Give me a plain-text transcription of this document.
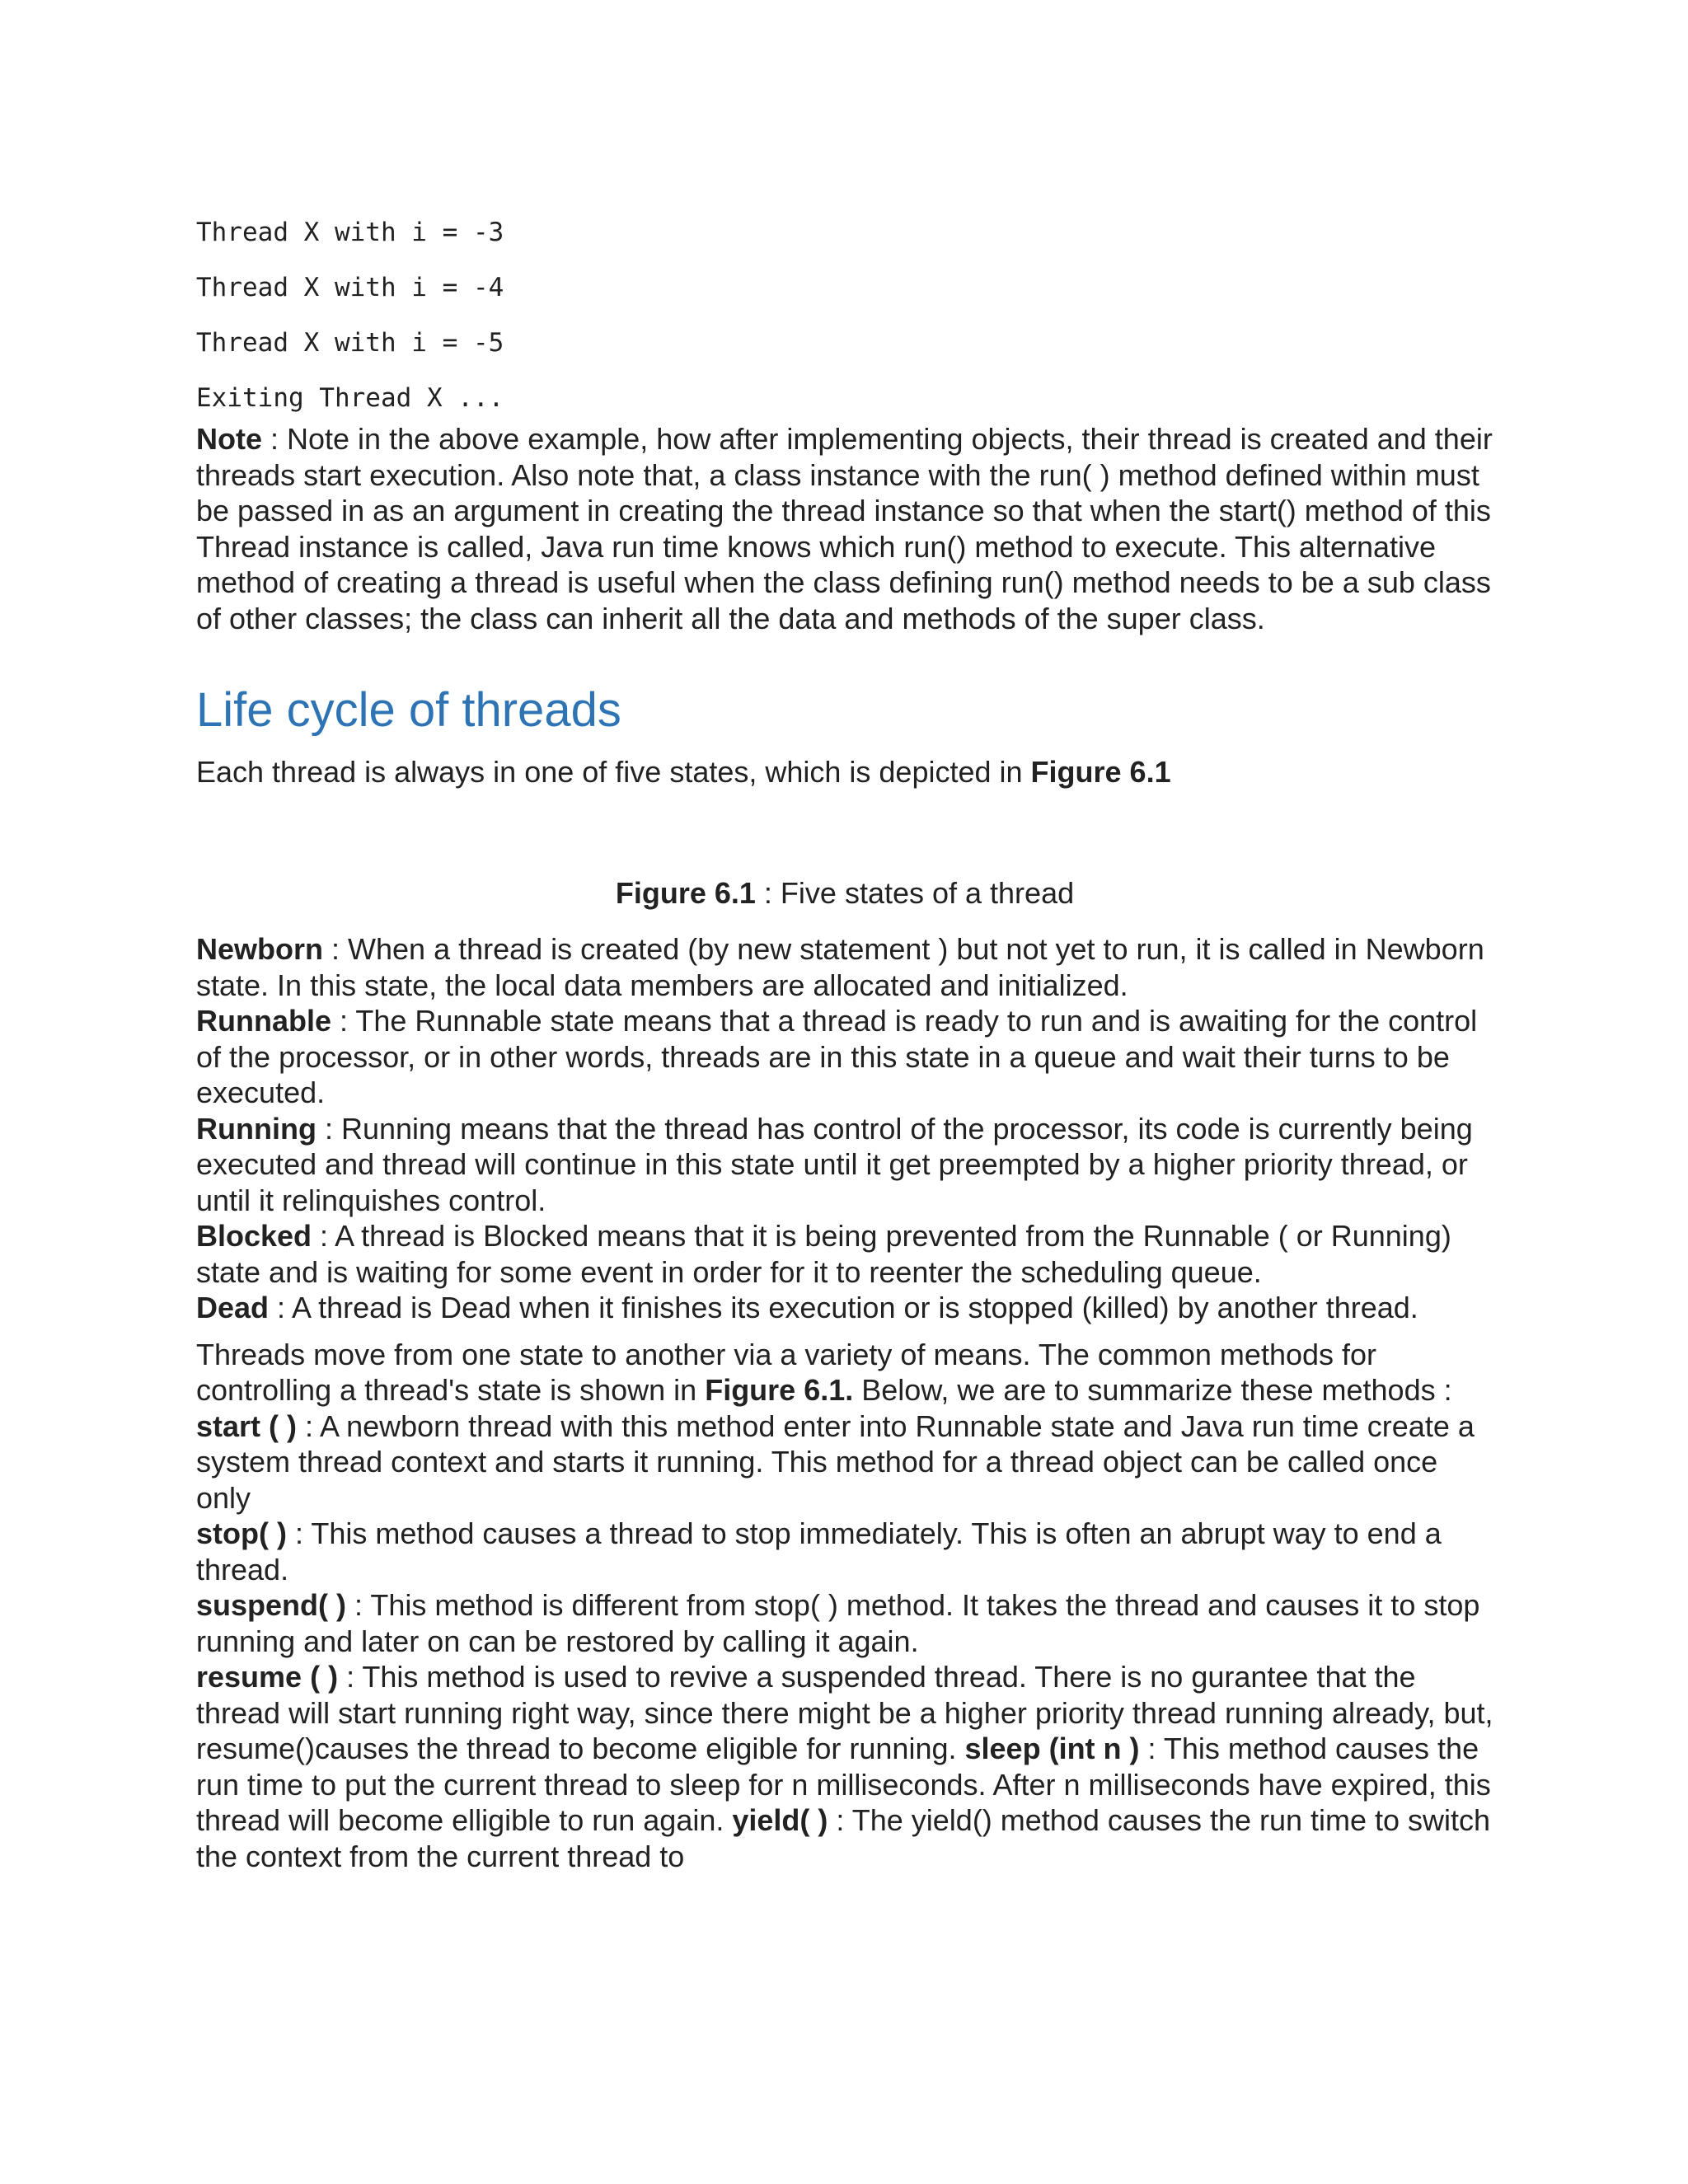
Thread X with i = -3
Thread X with i = -4
Thread X with i = -5
Exiting Thread X ...

Note : Note in the above example, how after implementing objects, their thread is created and their threads start execution. Also note that, a class instance with the run( ) method defined within must be passed in as an argument in creating the thread instance so that when the start() method of this Thread instance is called, Java run time knows which run() method to execute. This alternative method of creating a thread is useful when the class defining run() method needs to be a sub class of other classes; the class can inherit all the data and methods of the super class.

Life cycle of threads

Each thread is always in one of five states, which is depicted in Figure 6.1

Figure 6.1 : Five states of a thread

Newborn : When a thread is created (by new statement ) but not yet to run, it is called in Newborn state. In this state, the local data members are allocated and initialized.

Runnable : The Runnable state means that a thread is ready to run and is awaiting for the control of the processor, or in other words, threads are in this state in a queue and wait their turns to be executed.

Running : Running means that the thread has control of the processor, its code is currently being executed and thread will continue in this state until it get preempted by a higher priority thread, or until it relinquishes control.

Blocked : A thread is Blocked means that it is being prevented from the Runnable ( or Running) state and is waiting for some event in order for it to reenter the scheduling queue.

Dead : A thread is Dead when it finishes its execution or is stopped (killed) by another thread.

Threads move from one state to another via a variety of means. The common methods for controlling a thread's state is shown in Figure 6.1. Below, we are to summarize these methods :

start ( ) : A newborn thread with this method enter into Runnable state and Java run time create a system thread context and starts it running. This method for a thread object can be called once only

stop( ) : This method causes a thread to stop immediately. This is often an abrupt way to end a thread.

suspend( ) : This method is different from stop( ) method. It takes the thread and causes it to stop running and later on can be restored by calling it again.

resume ( ) : This method is used to revive a suspended thread. There is no gurantee that the thread will start running right way, since there might be a higher priority thread running already, but, resume()causes the thread to become eligible for running. sleep (int n ) : This method causes the run time to put the current thread to sleep for n milliseconds. After n milliseconds have expired, this thread will become elligible to run again. yield( ) : The yield() method causes the run time to switch the context from the current thread to
